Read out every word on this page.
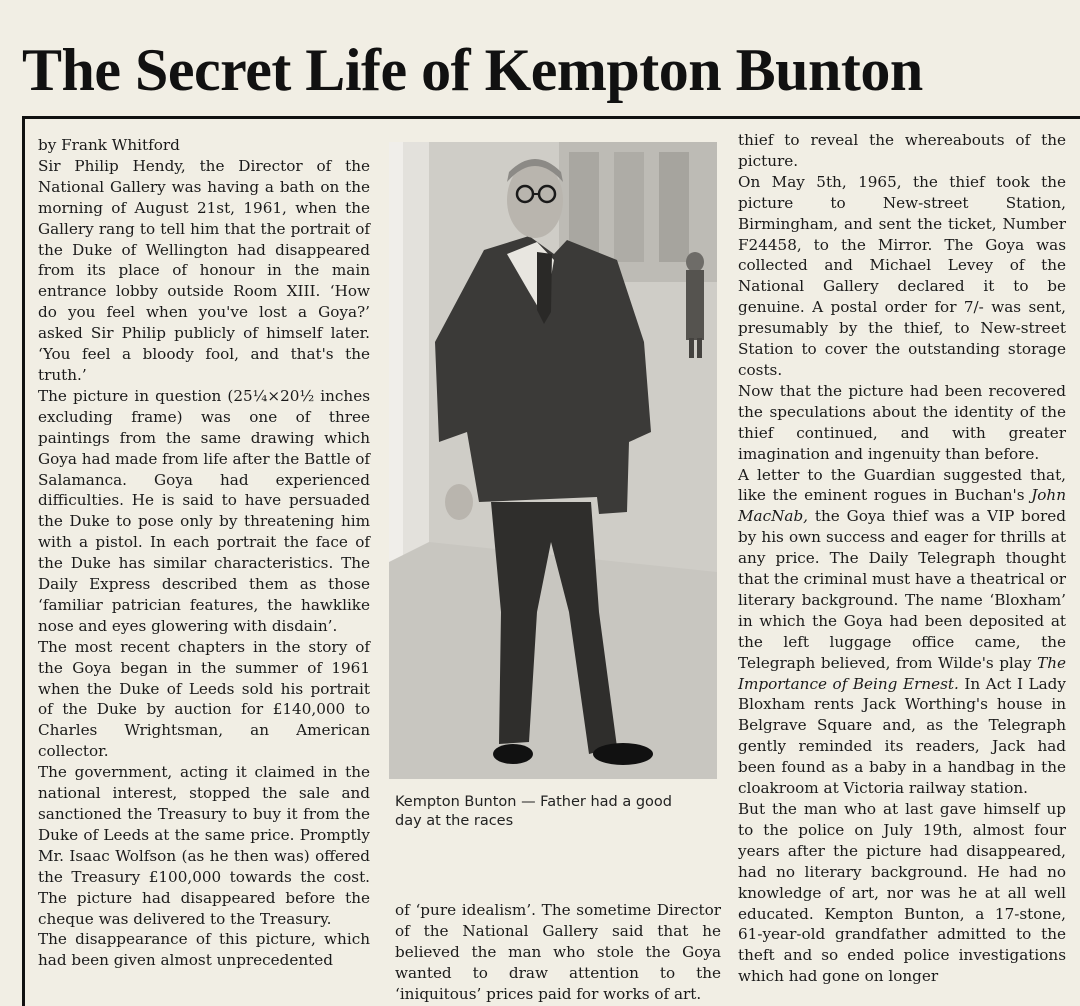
The Secret Life of Kempton Bunton

by Frank Whitford

Sir Philip Hendy, the Director of the National Gallery was having a bath on the morning of August 21st, 1961, when the Gallery rang to tell him that the portrait of the Duke of Wellington had disappeared from its place of honour in the main entrance lobby outside Room XIII. ‘How do you feel when you've lost a Goya?’ asked Sir Philip publicly of himself later. ‘You feel a bloody fool, and that's the truth.’

The picture in question (25¼×20½ inches excluding frame) was one of three paintings from the same drawing which Goya had made from life after the Battle of Salamanca. Goya had experienced difficulties. He is said to have persuaded the Duke to pose only by threatening him with a pistol. In each portrait the face of the Duke has similar characteristics. The Daily Express described them as those ‘familiar patrician features, the hawklike nose and eyes glowering with disdain’.

The most recent chapters in the story of the Goya began in the summer of 1961 when the Duke of Leeds sold his portrait of the Duke by auction for £140,000 to Charles Wrightsman, an American collector.

The government, acting it claimed in the national interest, stopped the sale and sanctioned the Treasury to buy it from the Duke of Leeds at the same price. Promptly Mr. Isaac Wolfson (as he then was) offered the Treasury £100,000 towards the cost. The picture had disappeared before the cheque was delivered to the Treasury.

The disappearance of this picture, which had been given almost unprecedented

Kempton Bunton — Father had a good day at the races

of ‘pure idealism’. The sometime Director of the National Gallery said that he believed the man who stole the Goya wanted to draw attention to the ‘iniquitous’ prices paid for works of art.

thief to reveal the whereabouts of the picture.

On May 5th, 1965, the thief took the picture to New-street Station, Birmingham, and sent the ticket, Number F24458, to the Mirror. The Goya was collected and Michael Levey of the National Gallery declared it to be genuine. A postal order for 7/- was sent, presumably by the thief, to New-street Station to cover the outstanding storage costs.

Now that the picture had been recovered the speculations about the identity of the thief continued, and with greater imagination and ingenuity than before.

A letter to the Guardian suggested that, like the eminent rogues in Buchan's John MacNab, the Goya thief was a VIP bored by his own success and eager for thrills at any price. The Daily Telegraph thought that the criminal must have a theatrical or literary background. The name ‘Bloxham’ in which the Goya had been deposited at the left luggage office came, the Telegraph believed, from Wilde's play The Importance of Being Ernest. In Act I Lady Bloxham rents Jack Worthing's house in Belgrave Square and, as the Telegraph gently reminded its readers, Jack had been found as a baby in a handbag in the cloakroom at Victoria railway station.

But the man who at last gave himself up to the police on July 19th, almost four years after the picture had disappeared, had no literary background. He had no knowledge of art, nor was he at all well educated. Kempton Bunton, a 17-stone, 61-year-old grandfather admitted to the theft and so ended police investigations which had gone on longer
